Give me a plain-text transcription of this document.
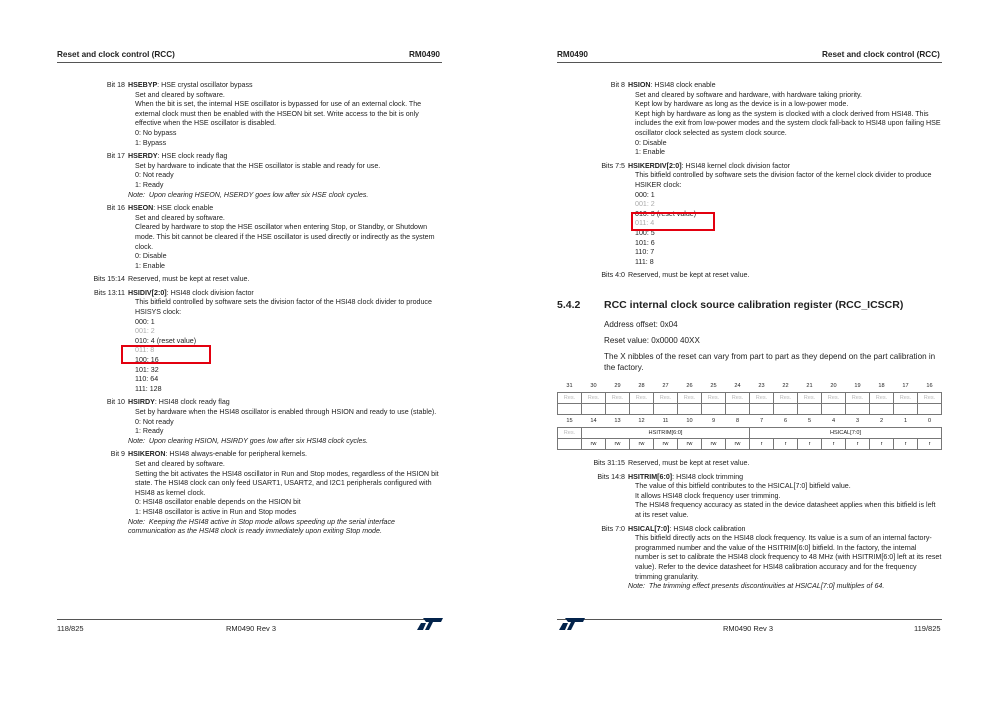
Reset and clock control (RCC)	RM0490
Bit 18 HSEBYP: HSE crystal oscillator bypass
Set and cleared by software.
When the bit is set, the internal HSE oscillator is bypassed for use of an external clock. The external clock must then be enabled with the HSEON bit set. Write access to the bit is only effective when the HSE oscillator is disabled.
0: No bypass
1: Bypass
Bit 17 HSERDY: HSE clock ready flag
Set by hardware to indicate that the HSE oscillator is stable and ready for use.
0: Not ready
1: Ready
Note: Upon clearing HSEON, HSERDY goes low after six HSE clock cycles.
Bit 16 HSEON: HSE clock enable
Set and cleared by software.
Cleared by hardware to stop the HSE oscillator when entering Stop, or Standby, or Shutdown mode. This bit cannot be cleared if the HSE oscillator is used directly or indirectly as the system clock.
0: Disable
1: Enable
Bits 15:14 Reserved, must be kept at reset value.
Bits 13:11 HSIDIV[2:0]: HSI48 clock division factor
This bitfield controlled by software sets the division factor of the HSI48 clock divider to produce HSISYS clock:
000: 1
001: 2
010: 4 (reset value)
011: 8
100: 16
101: 32
110: 64
111: 128
Bit 10 HSIRDY: HSI48 clock ready flag
Set by hardware when the HSI48 oscillator is enabled through HSION and ready to use (stable).
0: Not ready
1: Ready
Note: Upon clearing HSION, HSIRDY goes low after six HSI48 clock cycles.
Bit 9 HSIKERON: HSI48 always-enable for peripheral kernels.
Set and cleared by software.
Setting the bit activates the HSI48 oscillator in Run and Stop modes, regardless of the HSION bit state. The HSI48 clock can only feed USART1, USART2, and I2C1 peripherals configured with HSI48 as kernel clock.
0: HSI48 oscillator enable depends on the HSION bit
1: HSI48 oscillator is active in Run and Stop modes
Note: Keeping the HSI48 active in Stop mode allows speeding up the serial interface communication as the HSI48 clock is ready immediately upon exiting Stop mode.
118/825	RM0490 Rev 3
RM0490	Reset and clock control (RCC)
Bit 8 HSION: HSI48 clock enable
Set and cleared by software and hardware, with hardware taking priority.
Kept low by hardware as long as the device is in a low-power mode.
Kept high by hardware as long as the system is clocked with a clock derived from HSI48. This includes the exit from low-power modes and the system clock fall-back to HSI48 upon failing HSE oscillator clock selected as system clock source.
0: Disable
1: Enable
Bits 7:5 HSIKERDIV[2:0]: HSI48 kernel clock division factor
This bitfield controlled by software sets the division factor of the kernel clock divider to produce HSIKER clock:
000: 1
001: 2
010: 3 (reset value)
011: 4
100: 5
101: 6
110: 7
111: 8
Bits 4:0 Reserved, must be kept at reset value.
5.4.2 RCC internal clock source calibration register (RCC_ICSCR)
Address offset: 0x04
Reset value: 0x0000 40XX
The X nibbles of the reset can vary from part to part as they depend on the part calibration in the factory.
31	30	29	28	27	26	25	24	23	22	21	20	19	18	17	16
Res.	Res.	Res.	Res.	Res.	Res.	Res.	Res.	Res.	Res.	Res.	Res.	Res.	Res.	Res.	Res.

15	14	13	12	11	10	9	8	7	6	5	4	3	2	1	0
Res.	HSITRIM[6:0]							HSICAL[7:0]							
	rw	rw	rw	rw	rw	rw	rw	r	r	r	r	r	r	r	r
Bits 31:15 Reserved, must be kept at reset value.
Bits 14:8 HSITRIM[6:0]: HSI48 clock trimming
The value of this bitfield contributes to the HSICAL[7:0] bitfield value.
It allows HSI48 clock frequency user trimming.
The HSI48 frequency accuracy as stated in the device datasheet applies when this bitfield is left at its reset value.
Bits 7:0 HSICAL[7:0]: HSI48 clock calibration
This bitfield directly acts on the HSI48 clock frequency. Its value is a sum of an internal factory-programmed number and the value of the HSITRIM[6:0] bitfield. In the factory, the internal number is set to calibrate the HSI48 clock frequency to 48 MHz (with HSITRIM[6:0] left at its reset value). Refer to the device datasheet for HSI48 calibration accuracy and for the frequency trimming granularity.
Note: The trimming effect presents discontinuities at HSICAL[7:0] multiples of 64.
RM0490 Rev 3	119/825
